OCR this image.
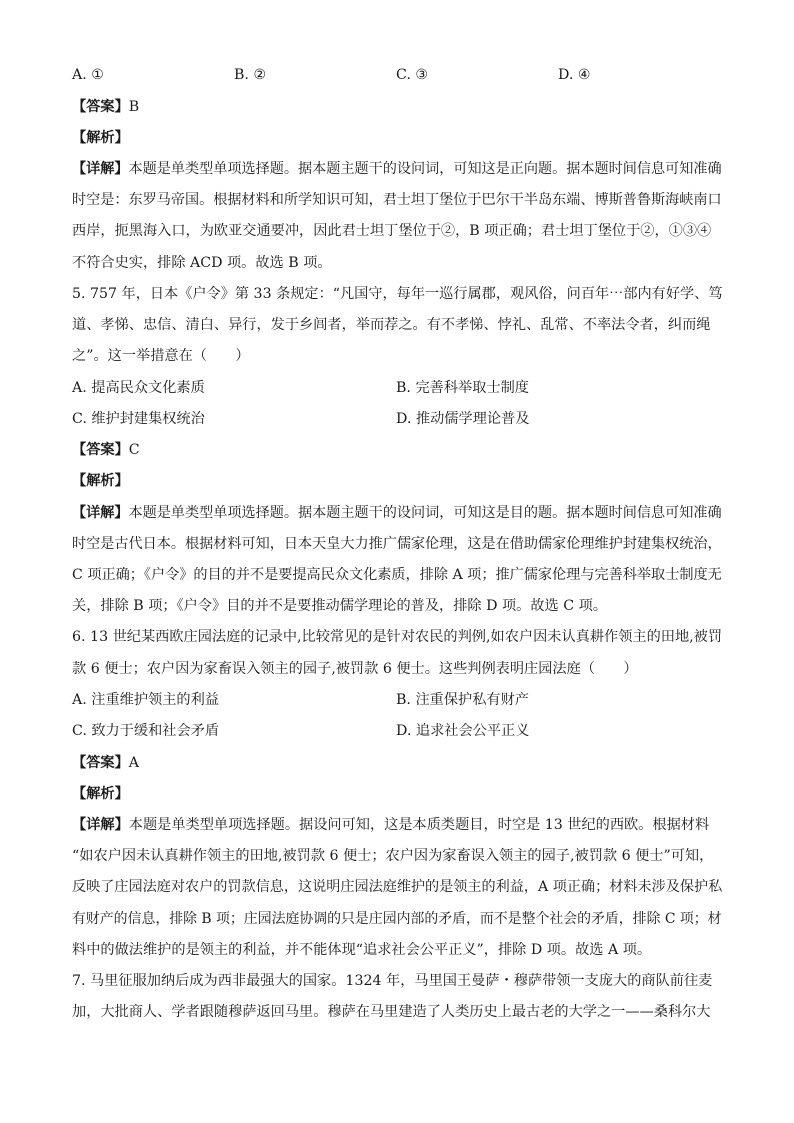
A. ①	B. ②	C. ③	D. ④
【答案】B
【解析】
【详解】本题是单类型单项选择题。据本题主题干的设问词，可知这是正向题。据本题时间信息可知准确
时空是：东罗马帝国。根据材料和所学知识可知，君士坦丁堡位于巴尔干半岛东端、博斯普鲁斯海峡南口
西岸，扼黑海入口，为欧亚交通要冲，因此君士坦丁堡位于②，B 项正确；君士坦丁堡位于②，①③④
不符合史实，排除 ACD 项。故选 B 项。
5. 757 年，日本《户令》第 33 条规定：“凡国守，每年一巡行属郡，观风俗，问百年⋯部内有好学、笃
道、孝悌、忠信、清白、异行，发于乡闾者，举而荐之。有不孝悌、悖礼、乱常、不率法令者，纠而绳
之”。这一举措意在（　　）
A. 提高民众文化素质	B. 完善科举取士制度
C. 维护封建集权统治	D. 推动儒学理论普及
【答案】C
【解析】
【详解】本题是单类型单项选择题。据本题主题干的设问词，可知这是目的题。据本题时间信息可知准确
时空是古代日本。根据材料可知，日本天皇大力推广儒家伦理，这是在借助儒家伦理维护封建集权统治，
C 项正确；《户令》的目的并不是要提高民众文化素质，排除 A 项；推广儒家伦理与完善科举取士制度无
关，排除 B 项；《户令》目的并不是要推动儒学理论的普及，排除 D 项。故选 C 项。
6. 13 世纪某西欧庄园法庭的记录中,比较常见的是针对农民的判例,如农户因未认真耕作领主的田地,被罚
款 6 便士；农户因为家畜误入领主的园子,被罚款 6 便士。这些判例表明庄园法庭（　　）
A. 注重维护领主的利益	B. 注重保护私有财产
C. 致力于缓和社会矛盾	D. 追求社会公平正义
【答案】A
【解析】
【详解】本题是单类型单项选择题。据设问可知，这是本质类题目，时空是 13 世纪的西欧。根据材料
“如农户因未认真耕作领主的田地,被罚款 6 便士；农户因为家畜误入领主的园子,被罚款 6 便士”可知，
反映了庄园法庭对农户的罚款信息，这说明庄园法庭维护的是领主的利益，A 项正确；材料未涉及保护私
有财产的信息，排除 B 项；庄园法庭协调的只是庄园内部的矛盾，而不是整个社会的矛盾，排除 C 项；材
料中的做法维护的是领主的利益，并不能体现“追求社会公平正义”，排除 D 项。故选 A 项。
7. 马里征服加纳后成为西非最强大的国家。1324 年，马里国王曼萨・穆萨带领一支庞大的商队前往麦
加，大批商人、学者跟随穆萨返回马里。穆萨在马里建造了人类历史上最古老的大学之一——桑科尔大
